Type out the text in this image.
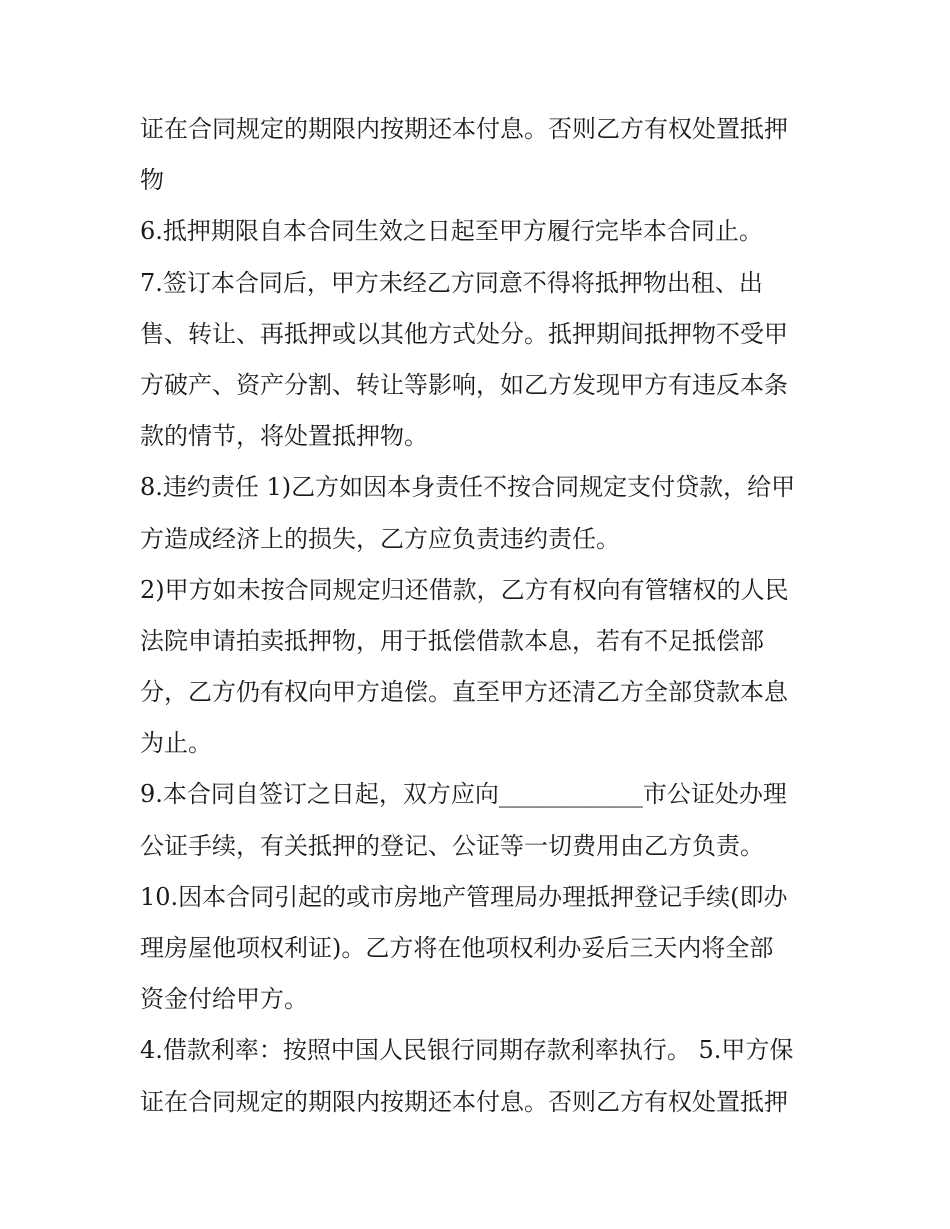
证在合同规定的期限内按期还本付息。否则乙方有权处置抵押
物
6.抵押期限自本合同生效之日起至甲方履行完毕本合同止。
7.签订本合同后，甲方未经乙方同意不得将抵押物出租、出
售、转让、再抵押或以其他方式处分。抵押期间抵押物不受甲
方破产、资产分割、转让等影响，如乙方发现甲方有违反本条
款的情节，将处置抵押物。
8.违约责任 1)乙方如因本身责任不按合同规定支付贷款，给甲
方造成经济上的损失，乙方应负责违约责任。
2)甲方如未按合同规定归还借款，乙方有权向有管辖权的人民
法院申请拍卖抵押物，用于抵偿借款本息，若有不足抵偿部
分，乙方仍有权向甲方追偿。直至甲方还清乙方全部贷款本息
为止。
9.本合同自签订之日起，双方应向____________市公证处办理
公证手续，有关抵押的登记、公证等一切费用由乙方负责。
10.因本合同引起的或市房地产管理局办理抵押登记手续(即办
理房屋他项权利证)。乙方将在他项权利办妥后三天内将全部
资金付给甲方。
4.借款利率：按照中国人民银行同期存款利率执行。 5.甲方保
证在合同规定的期限内按期还本付息。否则乙方有权处置抵押
